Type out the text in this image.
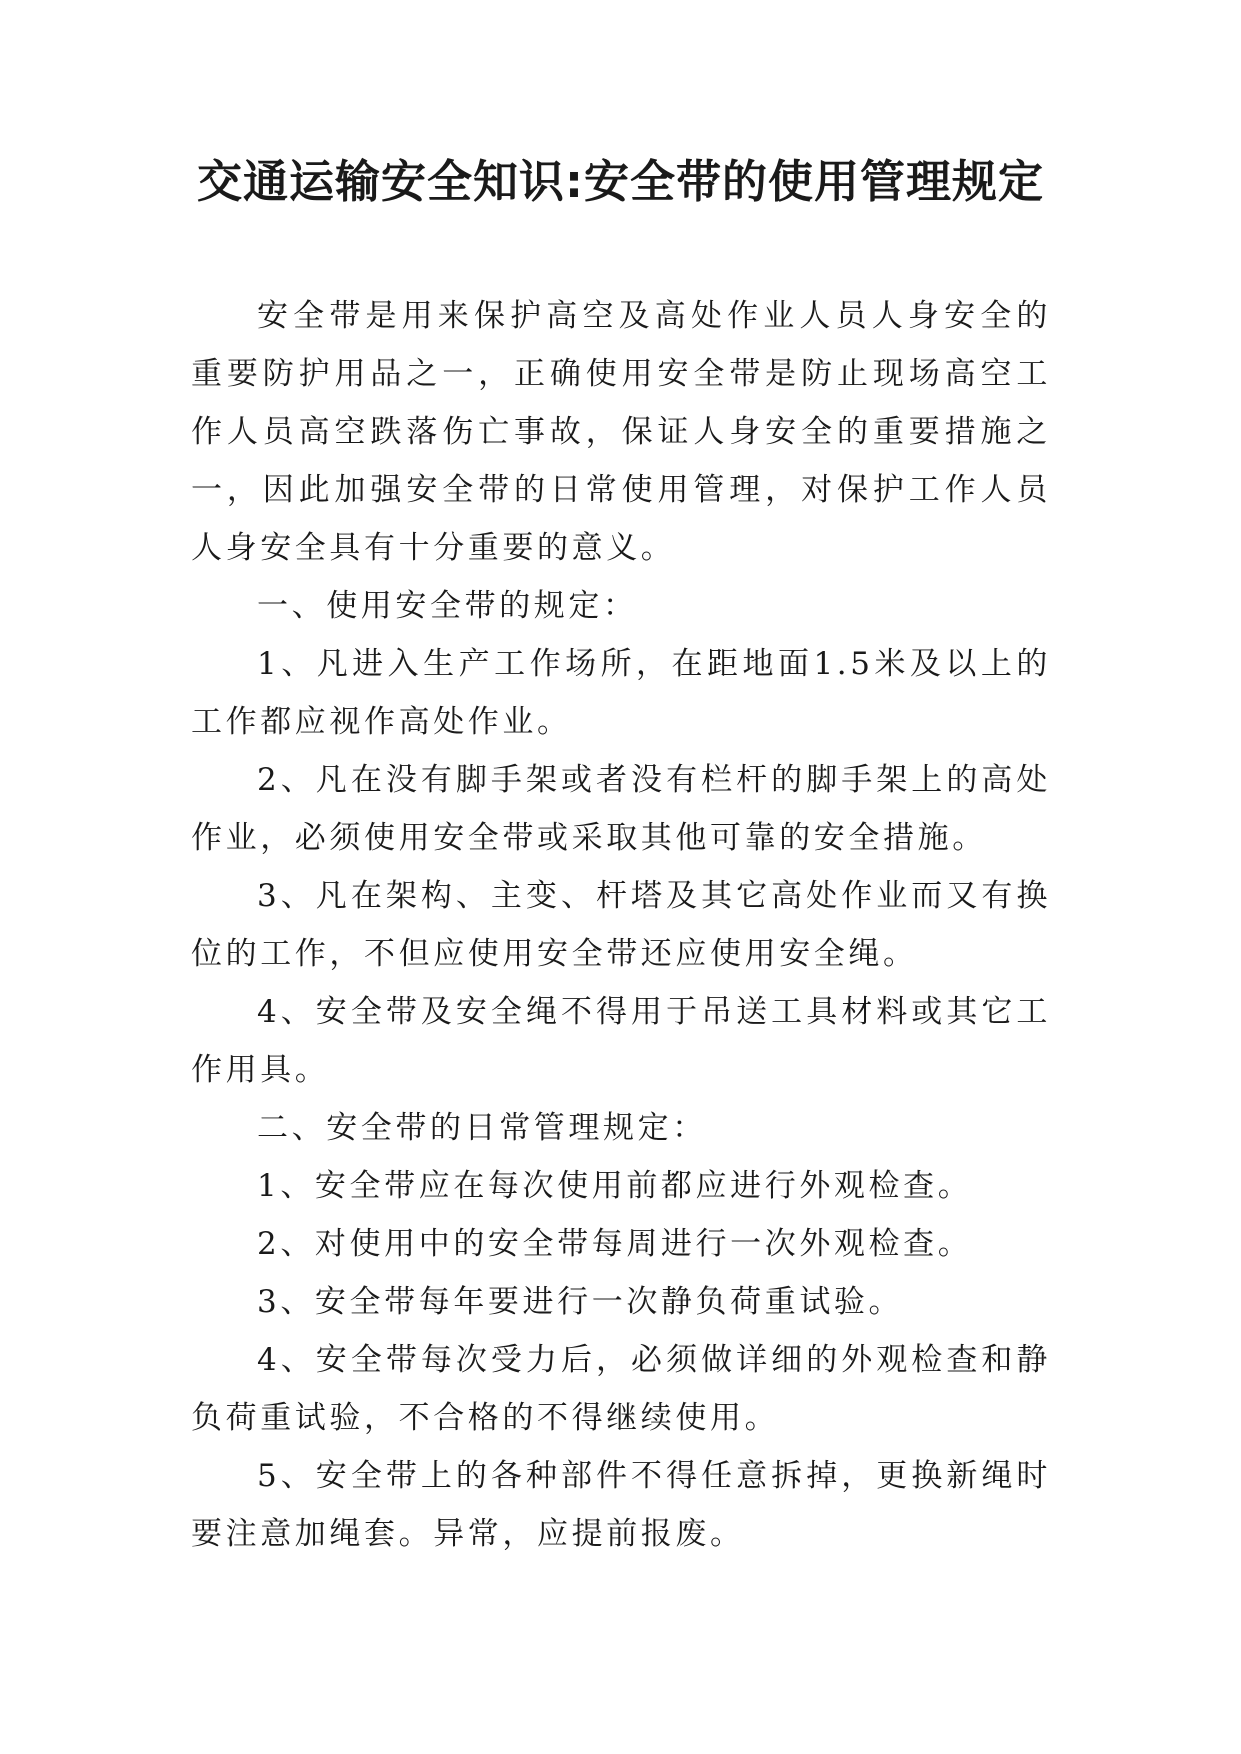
交通运输安全知识:安全带的使用管理规定

安全带是用来保护高空及高处作业人员人身安全的重要防护用品之一，正确使用安全带是防止现场高空工作人员高空跌落伤亡事故，保证人身安全的重要措施之一，因此加强安全带的日常使用管理，对保护工作人员人身安全具有十分重要的意义。

一、使用安全带的规定：

1、凡进入生产工作场所，在距地面1.5米及以上的工作都应视作高处作业。

2、凡在没有脚手架或者没有栏杆的脚手架上的高处作业，必须使用安全带或采取其他可靠的安全措施。

3、凡在架构、主变、杆塔及其它高处作业而又有换位的工作，不但应使用安全带还应使用安全绳。

4、安全带及安全绳不得用于吊送工具材料或其它工作用具。

二、安全带的日常管理规定：

1、安全带应在每次使用前都应进行外观检查。

2、对使用中的安全带每周进行一次外观检查。

3、安全带每年要进行一次静负荷重试验。

4、安全带每次受力后，必须做详细的外观检查和静负荷重试验，不合格的不得继续使用。

5、安全带上的各种部件不得任意拆掉，更换新绳时要注意加绳套。异常，应提前报废。
